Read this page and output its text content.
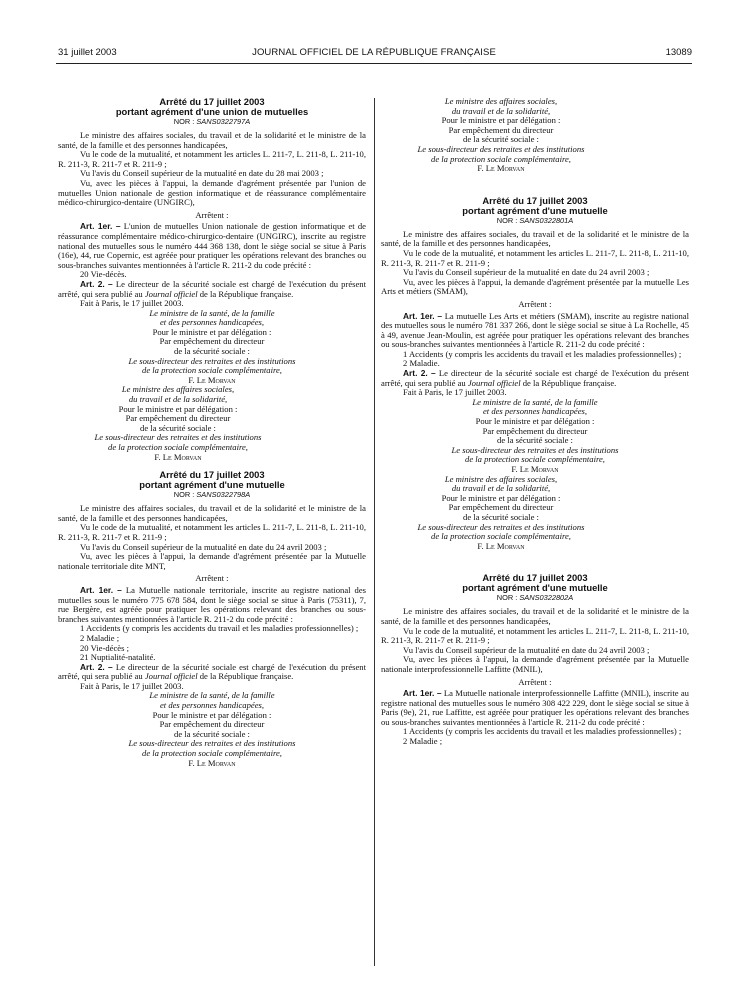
31 juillet 2003	JOURNAL OFFICIEL DE LA RÉPUBLIQUE FRANÇAISE	13089
Arrêté du 17 juillet 2003
portant agrément d'une union de mutuelles
NOR : SANS0322797A

Le ministre des affaires sociales, du travail et de la solidarité et le ministre de la santé, de la famille et des personnes handicapées,

Vu le code de la mutualité, et notamment les articles L. 211-7, L. 211-8, L. 211-10, R. 211-3, R. 211-7 et R. 211-9 ;

Vu l'avis du Conseil supérieur de la mutualité en date du 28 mai 2003 ;

Vu, avec les pièces à l'appui, la demande d'agrément présentée par l'union de mutuelles Union nationale de gestion informatique et de réassurance complémentaire médico-chirurgico-dentaire (UNGIRC),

Arrêtent :

Art. 1er. – L'union de mutuelles Union nationale de gestion informatique et de réassurance complémentaire médico-chirurgico-dentaire (UNGIRC), inscrite au registre national des mutuelles sous le numéro 444 368 138, dont le siège social se situe à Paris (16e), 44, rue Copernic, est agréée pour pratiquer les opérations relevant des branches ou sous-branches suivantes mentionnées à l'article R. 211-2 du code précité :

20 Vie-décès.

Art. 2. – Le directeur de la sécurité sociale est chargé de l'exécution du présent arrêté, qui sera publié au Journal officiel de la République française.

Fait à Paris, le 17 juillet 2003.

Le ministre de la santé, de la famille
et des personnes handicapées,
Pour le ministre et par délégation :
Par empêchement du directeur
de la sécurité sociale :
Le sous-directeur des retraites et des institutions
de la protection sociale complémentaire,
F. Le Morvan
Le ministre des affaires sociales,
du travail et de la solidarité,
Pour le ministre et par délégation :
Par empêchement du directeur
de la sécurité sociale :
Le sous-directeur des retraites et des institutions
de la protection sociale complémentaire,
F. Le Morvan
Arrêté du 17 juillet 2003
portant agrément d'une mutuelle
NOR : SANS0322798A

Le ministre des affaires sociales, du travail et de la solidarité et le ministre de la santé, de la famille et des personnes handicapées,

Vu le code de la mutualité, et notamment les articles L. 211-7, L. 211-8, L. 211-10, R. 211-3, R. 211-7 et R. 211-9 ;

Vu l'avis du Conseil supérieur de la mutualité en date du 24 avril 2003 ;

Vu, avec les pièces à l'appui, la demande d'agrément présentée par la Mutuelle nationale territoriale dite MNT,

Arrêtent :

Art. 1er. – La Mutuelle nationale territoriale, inscrite au registre national des mutuelles sous le numéro 775 678 584, dont le siège social se situe à Paris (75311), 7, rue Bergère, est agréée pour pratiquer les opérations relevant des branches ou sous-branches suivantes mentionnées à l'article R. 211-2 du code précité :

1 Accidents (y compris les accidents du travail et les maladies professionnelles) ;

2 Maladie ;

20 Vie-décès ;

21 Nuptialité-natalité.

Art. 2. – Le directeur de la sécurité sociale est chargé de l'exécution du présent arrêté, qui sera publié au Journal officiel de la République française.

Fait à Paris, le 17 juillet 2003.

Le ministre de la santé, de la famille
et des personnes handicapées,
Pour le ministre et par délégation :
Par empêchement du directeur
de la sécurité sociale :
Le sous-directeur des retraites et des institutions
de la protection sociale complémentaire,
F. Le Morvan
Le ministre des affaires sociales,
du travail et de la solidarité,
Pour le ministre et par délégation :
Par empêchement du directeur
de la sécurité sociale :
Le sous-directeur des retraites et des institutions
de la protection sociale complémentaire,
F. Le Morvan
Arrêté du 17 juillet 2003
portant agrément d'une mutuelle
NOR : SANS0322801A

Le ministre des affaires sociales, du travail et de la solidarité et le ministre de la santé, de la famille et des personnes handicapées,

Vu le code de la mutualité, et notamment les articles L. 211-7, L. 211-8, L. 211-10, R. 211-3, R. 211-7 et R. 211-9 ;

Vu l'avis du Conseil supérieur de la mutualité en date du 24 avril 2003 ;

Vu, avec les pièces à l'appui, la demande d'agrément présentée par la mutuelle Les Arts et métiers (SMAM),

Arrêtent :

Art. 1er. – La mutuelle Les Arts et métiers (SMAM), inscrite au registre national des mutuelles sous le numéro 781 337 266, dont le siège social se situe à La Rochelle, 45 à 49, avenue Jean-Moulin, est agréée pour pratiquer les opérations relevant des branches ou sous-branches suivantes mentionnées à l'article R. 211-2 du code précité :

1 Accidents (y compris les accidents du travail et les maladies professionnelles) ;

2 Maladie.

Art. 2. – Le directeur de la sécurité sociale est chargé de l'exécution du présent arrêté, qui sera publié au Journal officiel de la République française.

Fait à Paris, le 17 juillet 2003.

Le ministre de la santé, de la famille
et des personnes handicapées,
Pour le ministre et par délégation :
Par empêchement du directeur
de la sécurité sociale :
Le sous-directeur des retraites et des institutions
de la protection sociale complémentaire,
F. Le Morvan
Le ministre des affaires sociales,
du travail et de la solidarité,
Pour le ministre et par délégation :
Par empêchement du directeur
de la sécurité sociale :
Le sous-directeur des retraites et des institutions
de la protection sociale complémentaire,
F. Le Morvan
Arrêté du 17 juillet 2003
portant agrément d'une mutuelle
NOR : SANS0322802A

Le ministre des affaires sociales, du travail et de la solidarité et le ministre de la santé, de la famille et des personnes handicapées,

Vu le code de la mutualité, et notamment les articles L. 211-7, L. 211-8, L. 211-10, R. 211-3, R. 211-7 et R. 211-9 ;

Vu l'avis du Conseil supérieur de la mutualité en date du 24 avril 2003 ;

Vu, avec les pièces à l'appui, la demande d'agrément présentée par la Mutuelle nationale interprofessionnelle Laffitte (MNIL),

Arrêtent :

Art. 1er. – La Mutuelle nationale interprofessionnelle Laffitte (MNIL), inscrite au registre national des mutuelles sous le numéro 308 422 229, dont le siège social se situe à Paris (9e), 21, rue Laffitte, est agréée pour pratiquer les opérations relevant des branches ou sous-branches suivantes mentionnées à l'article R. 211-2 du code précité :

1 Accidents (y compris les accidents du travail et les maladies professionnelles) ;

2 Maladie ;
